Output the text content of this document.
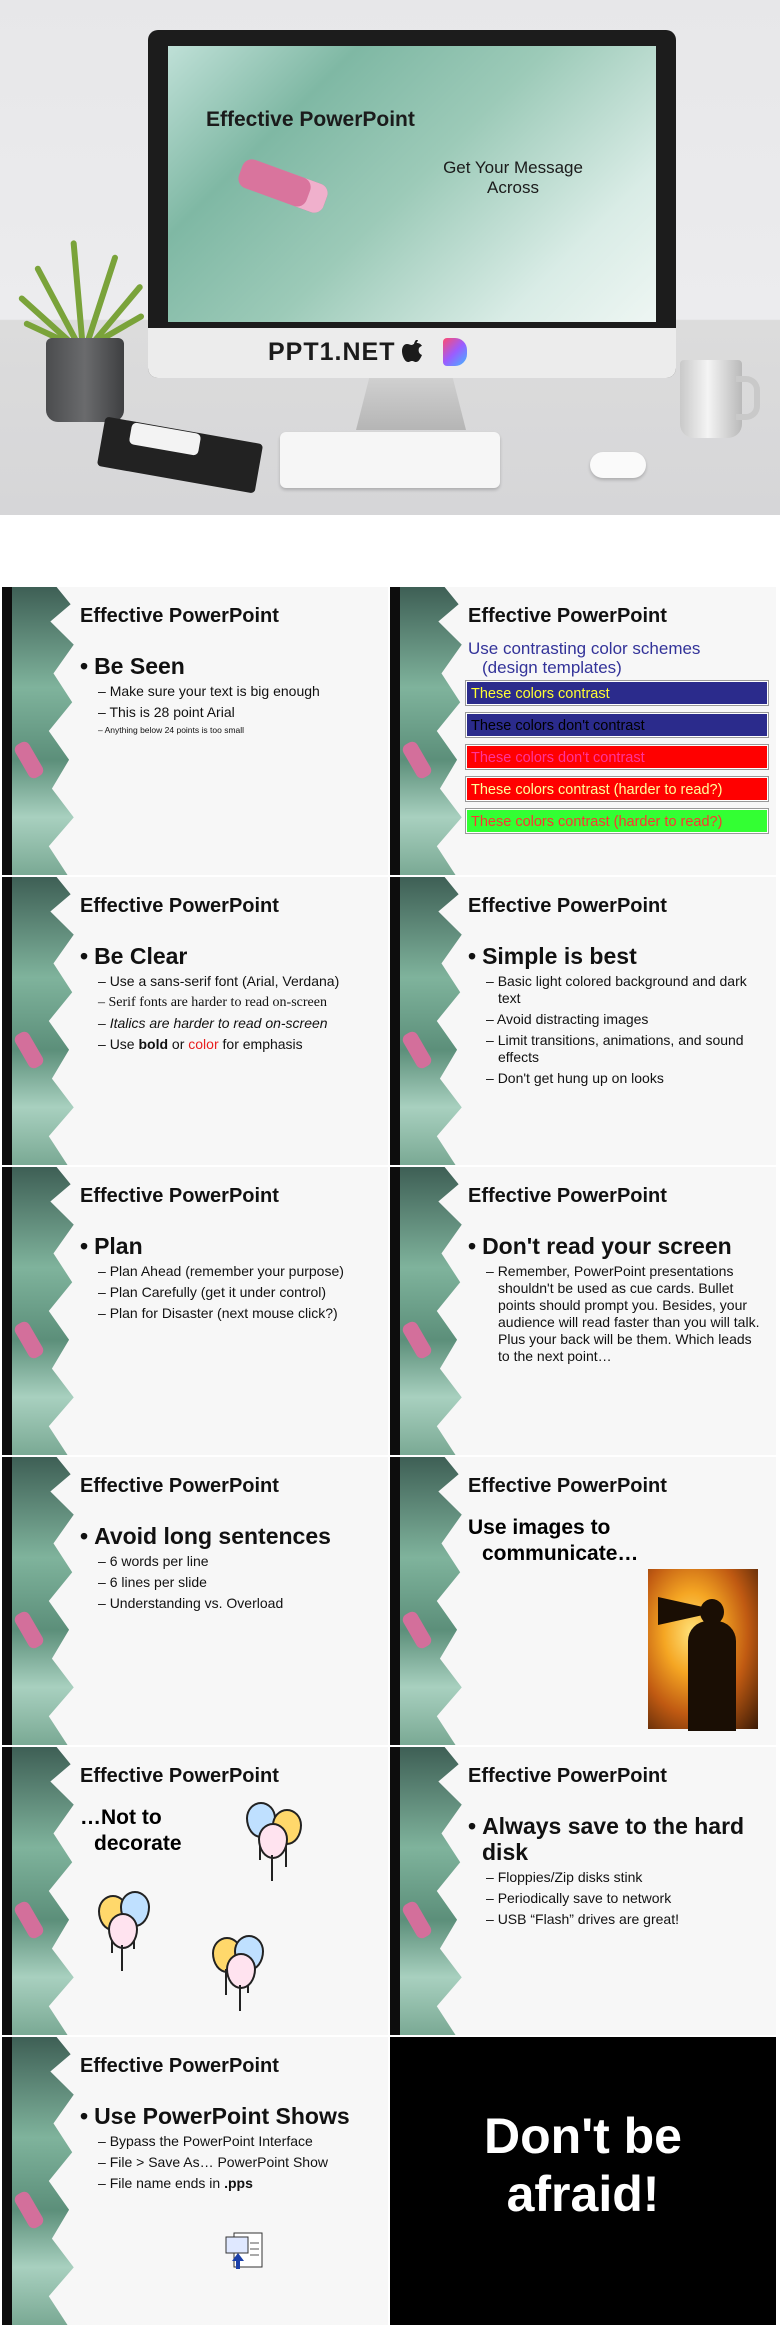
Effective PowerPoint
Get Your Message Across
PPT1.NET
Effective PowerPoint
• Be Seen
– Make sure your text is big enough
– This is 28 point Arial
– Anything below 24 points is too small
Effective PowerPoint
Use contrasting color schemes
(design templates)
These colors contrast
These colors don't contrast
These colors don't contrast
These colors contrast (harder to read?)
These colors contrast (harder to read?)
Effective PowerPoint
• Be Clear
– Use a sans-serif font (Arial, Verdana)
– Serif fonts are harder to read on-screen
– Italics are harder to read on-screen
– Use bold or color for emphasis
Effective PowerPoint
• Simple is best
– Basic light colored background and dark text
– Avoid distracting images
– Limit transitions, animations, and sound effects
– Don't get hung up on looks
Effective PowerPoint
• Plan
– Plan Ahead (remember your purpose)
– Plan Carefully (get it under control)
– Plan for Disaster (next mouse click?)
Effective PowerPoint
• Don't read your screen
– Remember, PowerPoint presentations shouldn't be used as cue cards. Bullet points should prompt you. Besides, your audience will read faster than you will talk. Plus your back will be them. Which leads to the next point…
Effective PowerPoint
• Avoid long sentences
– 6 words per line
– 6 lines per slide
– Understanding vs. Overload
Effective PowerPoint
Use images to
communicate…
Effective PowerPoint
…Not to
decorate
Effective PowerPoint
• Always save to the hard disk
– Floppies/Zip disks stink
– Periodically save to network
– USB “Flash” drives are great!
Effective PowerPoint
• Use PowerPoint Shows
– Bypass the PowerPoint Interface
– File > Save As… PowerPoint Show
– File name ends in .pps
Don't be
afraid!
